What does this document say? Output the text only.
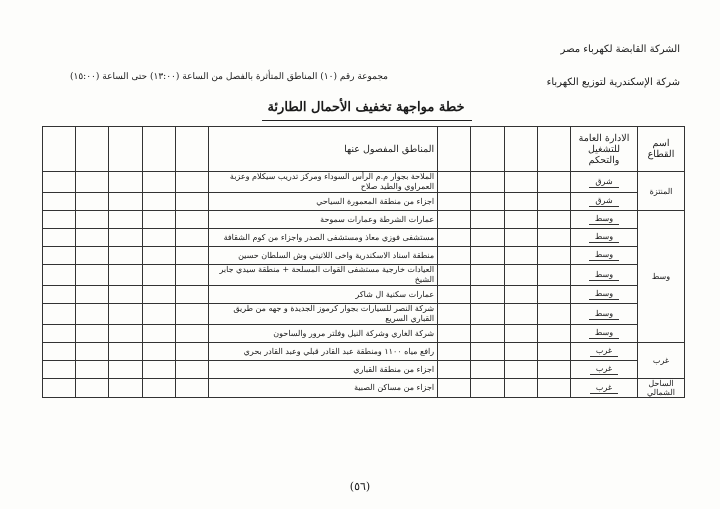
الشركة القابضة لكهرباء مصر
شركة الإسكندرية لتوزيع الكهرباء
مجموعة رقم (١٠) المناطق المتأثرة بالفصل من الساعة (١٣:٠٠) حتى الساعة (١٥:٠٠)
خطة مواجهة تخفيف الأحمال الطارئة
اسم القطاع	الادارة العامة للتشغيل والتحكم					المناطق المفصول عنها					
المنتزة	شرق					الملاحة بجوار م.م الرأس السوداء ومركز تدريب سيكلام وعزبة العمراوي والطيد صلاح					

	شرق					اجزاء من منطقة المعمورة السياحي					

وسط	وسط					عمارات الشرطة وعمارات سموحة					

	وسط					مستشفى فوزي معاذ ومستشفى الصدر واجزاء من كوم الشقافة					

	وسط					منطقة اسناد الاسكندرية واخى اللاتيني وش السلطان حسين					

	وسط					العيادات خارجية مستشفى القوات المسلحة + منطقة سيدي جابر الشيخ					

	وسط					عمارات سكنية ال شاكر					

	وسط					شركة النصر للسيارات بجوار كرموز الجديدة و جهه من طريق القباري السريع					

	وسط					شركة الغاري وشركة النيل وفلتر مرور والساحون					

غرب	غرب					رافع مياه ١١٠٠ ومنطقة عبد القادر قبلي وعبد القادر بحري					

	غرب					اجزاء من منطقة القباري					

الساحل الشمالي	غرب					اجزاء من مساكن الصبية					

(٥٦)
